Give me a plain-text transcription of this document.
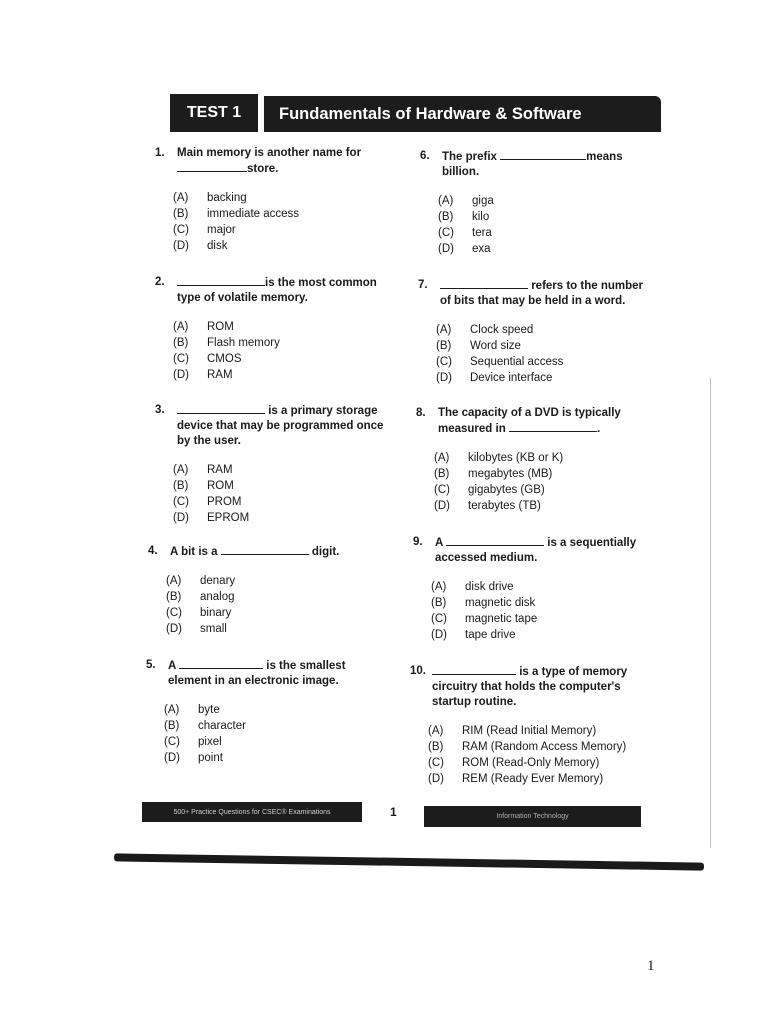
TEST 1	Fundamentals of Hardware & Software
1.	Main memory is another name for
store.
(A)	backing
(B)	immediate access
(C)	major
(D)	disk
2.	is the most common
type of volatile memory.
(A)	ROM
(B)	Flash memory
(C)	CMOS
(D)	RAM
3.	is a primary storage
device that may be programmed once
by the user.
(A)	RAM
(B)	ROM
(C)	PROM
(D)	EPROM
4.	A bit is a	digit.
(A)	denary
(B)	analog
(C)	binary
(D)	small
5.	A	is the smallest
element in an electronic image.
(A)	byte
(B)	character
(C)	pixel
(D)	point
6.	The prefix	means
billion.
(A)	giga
(B)	kilo
(C)	tera
(D)	exa
7.	refers to the number
of bits that may be held in a word.
(A)	Clock speed
(B)	Word size
(C)	Sequential access
(D)	Device interface
8.	The capacity of a DVD is typically
measured in	.
(A)	kilobytes (KB or K)
(B)	megabytes (MB)
(C)	gigabytes (GB)
(D)	terabytes (TB)
9.	A	is a sequentially
accessed medium.
(A)	disk drive
(B)	magnetic disk
(C)	magnetic tape
(D)	tape drive
10.	is a type of memory
circuitry that holds the computer's
startup routine.
(A)	RIM (Read Initial Memory)
(B)	RAM (Random Access Memory)
(C)	ROM (Read-Only Memory)
(D)	REM (Ready Ever Memory)
500+ Practice Questions for CSEC® Examinations	1	Information Technology
1
